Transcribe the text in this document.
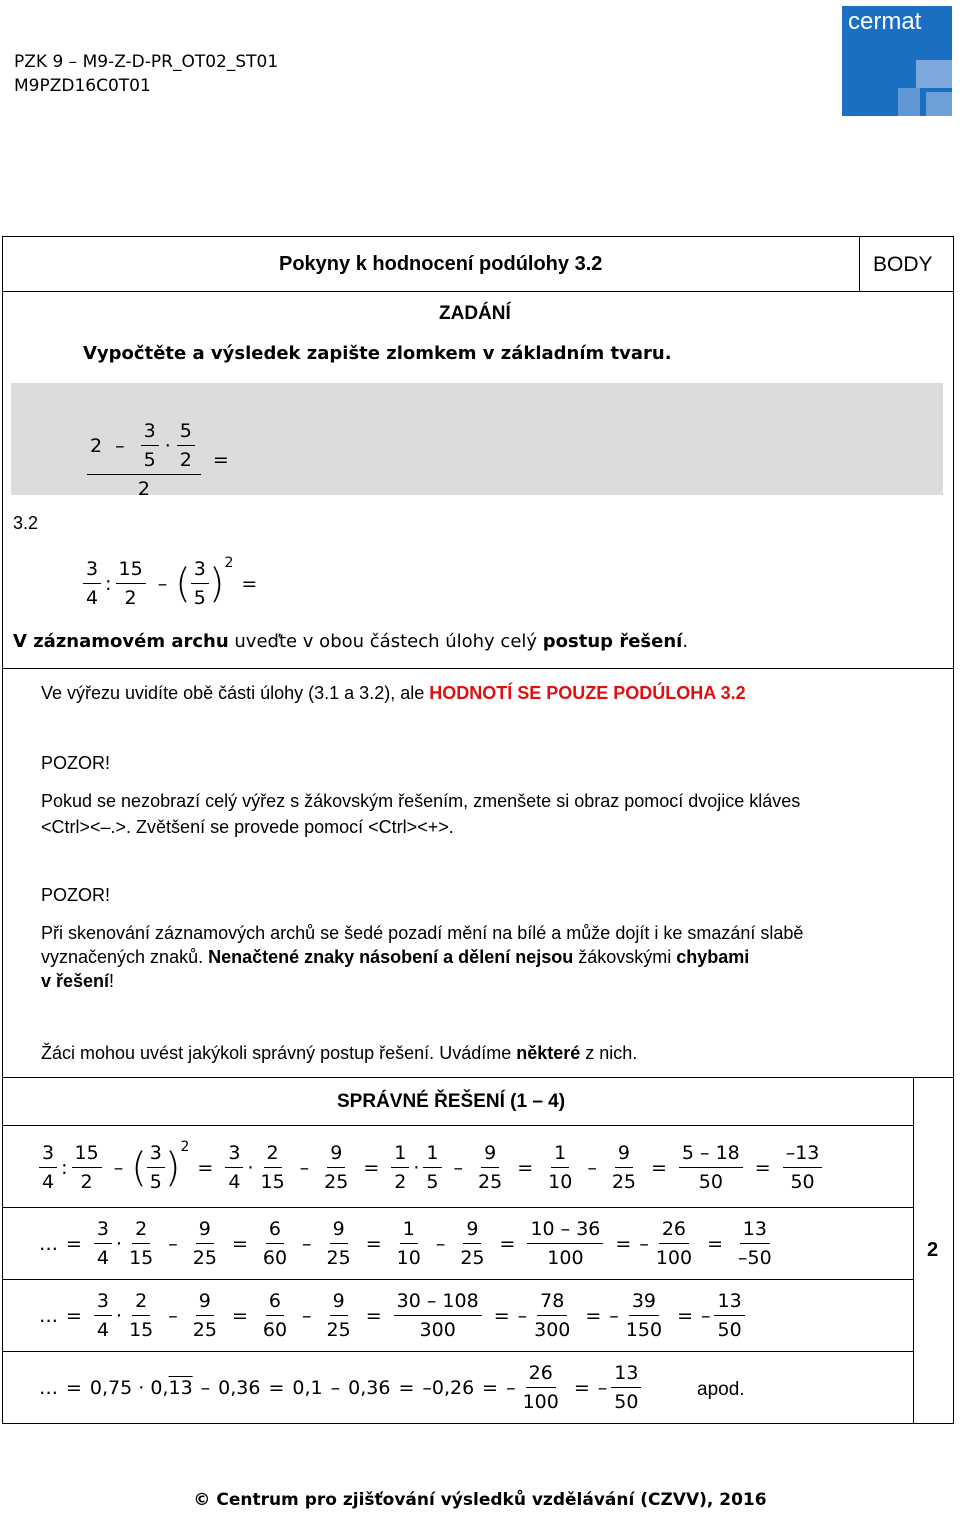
PZK 9 – M9-Z-D-PR_OT02_ST01
M9PZD16C0T01
cermat
Pokyny k hodnocení podúlohy 3.2	BODY
ZADÁNÍ
Vypočtěte a výsledek zapište zlomkem v základním tvaru.
$\frac{2 - \frac{3}{5} \cdot \frac{5}{2}}{2}$ =
3.2
$\frac{3}{4}$ : $\frac{15}{2}$ – ( $\frac{3}{5} )^2$
=
V záznamovém archu uveďte v obou částech úlohy celý postup řešení.
Ve výřezu uvidíte obě části úlohy (3.1 a 3.2), ale HODNOTÍ SE POUZE PODÚLOHA 3.2
POZOR!
Pokud se nezobrazí celý výřez s žákovským řešením, zmenšete si obraz pomocí dvojice kláves
<Ctrl><–.>. Zvětšení se provede pomocí <Ctrl><+>.
POZOR!
Při skenování záznamových archů se šedé pozadí mění na bílé a může dojít i ke smazání slabě
vyznačených znaků. Nenačtené znaky násobení a dělení nejsou žákovskými chybami
v řešení!
Žáci mohou uvést jakýkoli správný postup řešení. Uvádíme některé z nich.
SPRÁVNÉ ŘEŠENÍ (1 – 4)
$\frac{3}{4}$ : $\frac{15}{2}$ – ( $\frac{3}{5} )^2$
= $\frac{3}{4} \cdot \frac{2}{15} - \frac{9}{25} = \frac{1}{2} \cdot \frac{1}{5} - \frac{9}{25} = \frac{1}{10} - \frac{9}{25} = \frac{5 - 18}{50} = \frac{-13}{50}$
… = $\frac{3}{4} \cdot \frac{2}{15} - \frac{9}{25} = \frac{6}{60} - \frac{9}{25} = \frac{1}{10} - \frac{9}{25} = \frac{10 - 36}{100}$ = – $\frac{26}{100} = \frac{13}{-50}$	2
… = $\frac{3}{4} \cdot \frac{2}{15} - \frac{9}{25} = \frac{6}{60} - \frac{9}{25} = \frac{30 - 108}{300}$ = – $\frac{78}{300}$ = – $\frac{39}{150}$ = – $\frac{13}{50}$
… = 0,75 · 0,13 – 0,36 = 0,1 – 0,36 = –0,26 = – $\frac{26}{100}$ = – $\frac{13}{50}$	apod.
© Centrum pro zjišťování výsledků vzdělávání (CZVV), 2016
